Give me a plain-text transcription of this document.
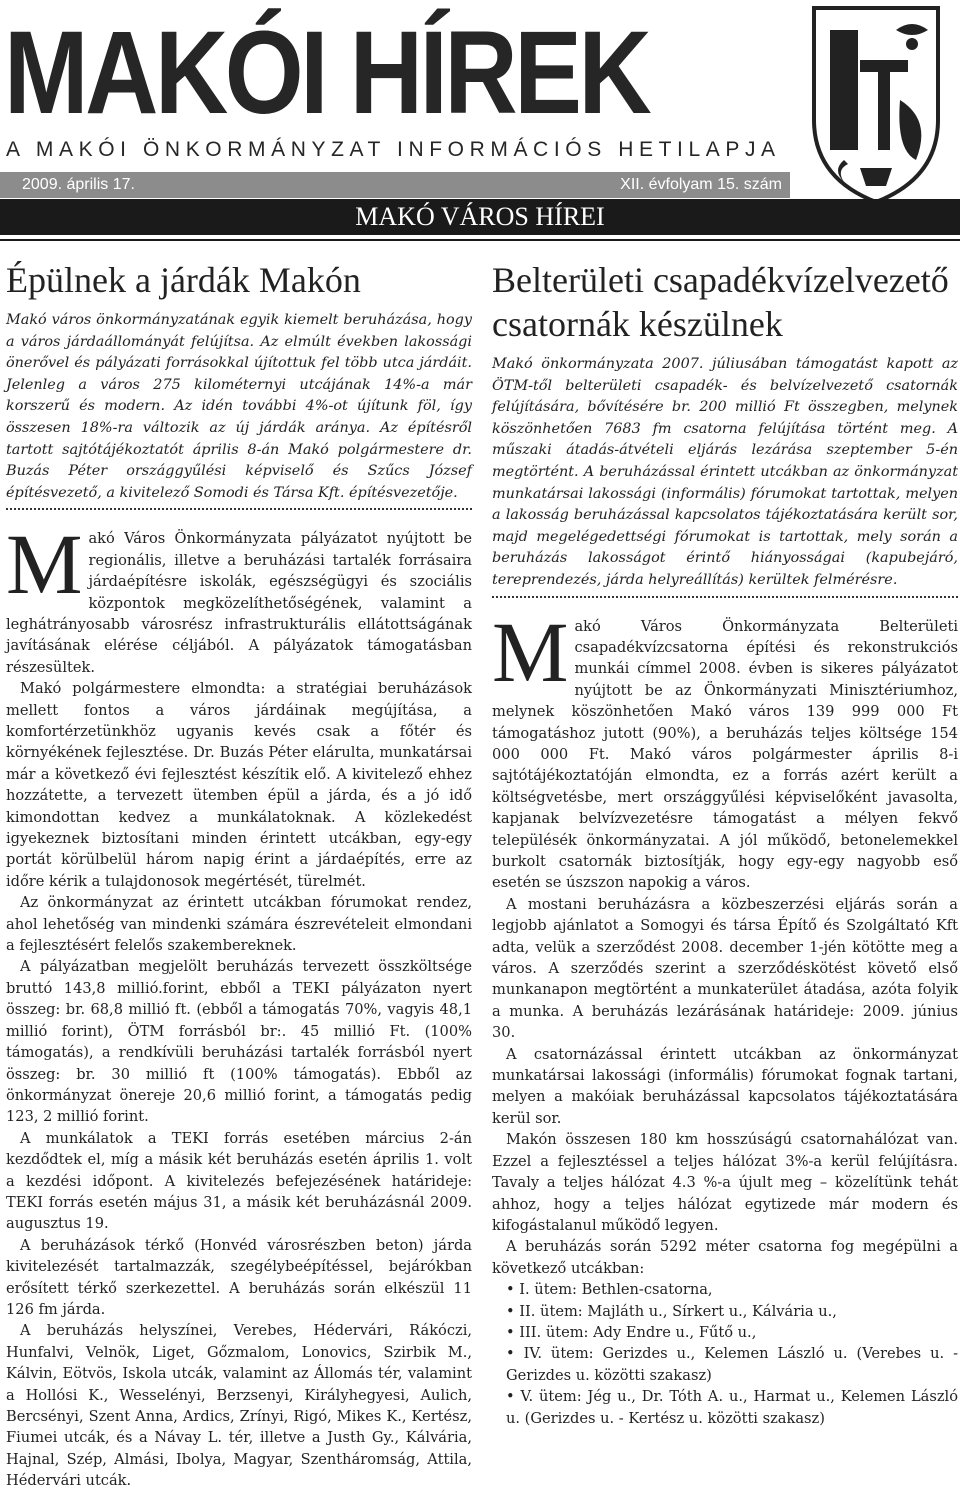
MAKÓI HÍREK
A MAKÓI ÖNKORMÁNYZAT INFORMÁCIÓS HETILAPJA
2009. április 17.	XII. évfolyam 15. szám
MAKÓ VÁROS HÍREI
Épülnek a járdák Makón

Makó város önkormányzatának egyik kiemelt beruházása, hogy a város járdaállományát felújítsa. Az elmúlt években lakossági önerővel és pályázati forrásokkal újítottuk fel több utca járdáit. Jelenleg a város 275 kilométernyi utcájának 14%-a már korszerű és modern. Az idén további 4%-ot újítunk föl, így összesen 18%-ra változik az új járdák aránya. Az építésről tartott sajtótájékoztatót április 8-án Makó polgármestere dr. Buzás Péter országgyűlési képviselő és Szűcs József építésvezető, a kivitelező Somodi és Társa Kft. építésvezetője.

Makó Város Önkormányzata pályázatot nyújtott be regionális, illetve a beruházási tartalék forrásaira járdaépítésre iskolák, egészségügyi és szociális központok megközelíthetőségének, valamint a leghátrányosabb városrész infrastrukturális ellátottságának javításának elérése céljából. A pályázatok támogatásban részesültek.

Makó polgármestere elmondta: a stratégiai beruházások mellett fontos a város járdáinak megújítása, a komfortérzetünkhöz ugyanis kevés csak a főtér és környékének fejlesztése. Dr. Buzás Péter elárulta, munkatársai már a következő évi fejlesztést készítik elő. A kivitelező ehhez hozzátette, a tervezett ütemben épül a járda, és a jó idő kimondottan kedvez a munkálatoknak. A közlekedést igyekeznek biztosítani minden érintett utcákban, egy-egy portát körülbelül három napig érint a járdaépítés, erre az időre kérik a tulajdonosok megértését, türelmét.

Az önkormányzat az érintett utcákban fórumokat rendez, ahol lehetőség van mindenki számára észrevételeit elmondani a fejlesztésért felelős szakembereknek.

A pályázatban megjelölt beruházás tervezett összköltsége bruttó 143,8 millió.forint, ebből a TEKI pályázaton nyert összeg: br. 68,8 millió ft. (ebből a támogatás 70%, vagyis 48,1 millió forint), ÖTM forrásból br:. 45 millió Ft. (100% támogatás), a rendkívüli beruházási tartalék forrásból nyert összeg: br. 30 millió ft (100% támogatás). Ebből az önkormányzat önereje 20,6 millió forint, a támogatás pedig 123, 2 millió forint.

A munkálatok a TEKI forrás esetében március 2-án kezdődtek el, míg a másik két beruházás esetén április 1. volt a kezdési időpont. A kivitelezés befejezésének határideje: TEKI forrás esetén május 31, a másik két beruházásnál 2009. augusztus 19.

A beruházások térkő (Honvéd városrészben beton) járda kivitelezését tartalmazzák, szegélybeépítéssel, bejárókban erősített térkő szerkezettel. A beruházás során elkészül 11 126 fm járda.

A beruházás helyszínei, Verebes, Hédervári, Rákóczi, Hunfalvi, Velnök, Liget, Gőzmalom, Lonovics, Szirbik M., Kálvin, Eötvös, Iskola utcák, valamint az Állomás tér, valamint a Hollósi K., Wesselényi, Berzsenyi, Királyhegyesi, Aulich, Bercsényi, Szent Anna, Ardics, Zrínyi, Rigó, Mikes K., Kertész, Fiumei utcák, és a Návay L. tér, illetve a Justh Gy., Kálvária, Hajnal, Szép, Almási, Ibolya, Magyar, Szentháromság, Attila, Hédervári utcák.

Belterületi csapadékvízelvezető csatornák készülnek

Makó önkormányzata 2007. júliusában támogatást kapott az ÖTM-től belterületi csapadék- és belvízelvezető csatornák felújítására, bővítésére br. 200 millió Ft összegben, melynek köszönhetően 7683 fm csatorna felújítása történt meg. A műszaki átadás-átvételi eljárás lezárása szeptember 5-én megtörtént. A beruházással érintett utcákban az önkormányzat munkatársai lakossági (informális) fórumokat tartottak, melyen a lakosság beruházással kapcsolatos tájékoztatására került sor, majd megelégedettségi fórumokat is tartottak, mely során a beruházás lakosságot érintő hiányosságai (kapubejáró, tereprendezés, járda helyreállítás) kerültek felmérésre.

Makó Város Önkormányzata Belterületi csapadékvízcsatorna építési és rekonstrukciós munkái címmel 2008. évben is sikeres pályázatot nyújtott be az Önkormányzati Minisztériumhoz, melynek köszönhetően Makó város 139 999 000 Ft támogatáshoz jutott (90%), a beruházás teljes költsége 154 000 000 Ft. Makó város polgármester április 8-i sajtótájékoztatóján elmondta, ez a forrás azért került a költségvetésbe, mert országgyűlési képviselőként javasolta, kapjanak belvízvezetésre támogatást a mélyen fekvő településék önkormányzatai. A jól működő, betonelemekkel burkolt csatornák biztosítják, hogy egy-egy nagyobb eső esetén se úszszon napokig a város.

A mostani beruházásra a közbeszerzési eljárás során a legjobb ajánlatot a Somogyi és társa Építő és Szolgáltató Kft adta, velük a szerződést 2008. december 1-jén kötötte meg a város. A szerződés szerint a szerződéskötést követő első munkanapon megtörtént a munkaterület átadása, azóta folyik a munka. A beruházás lezárásának határideje: 2009. június 30.

A csatornázással érintett utcákban az önkormányzat munkatársai lakossági (informális) fórumokat fognak tartani, melyen a makóiak beruházással kapcsolatos tájékoztatására kerül sor.

Makón összesen 180 km hosszúságú csatornahálózat van. Ezzel a fejlesztéssel a teljes hálózat 3%-a kerül felújításra. Tavaly a teljes hálózat 4.3 %-a újult meg – közelítünk tehát ahhoz, hogy a teljes hálózat egytizede már modern és kifogástalanul működő legyen.

A beruházás során 5292 méter csatorna fog megépülni a következő utcákban:

• I. ütem: Bethlen-csatorna,
• II. ütem: Majláth u., Sírkert u., Kálvária u.,
• III. ütem: Ady Endre u., Fűtő u.,
• IV. ütem: Gerizdes u., Kelemen László u. (Verebes u. - Gerizdes u. közötti szakasz)
• V. ütem: Jég u., Dr. Tóth A. u., Harmat u., Kelemen László u. (Gerizdes u. - Kertész u. közötti szakasz)
